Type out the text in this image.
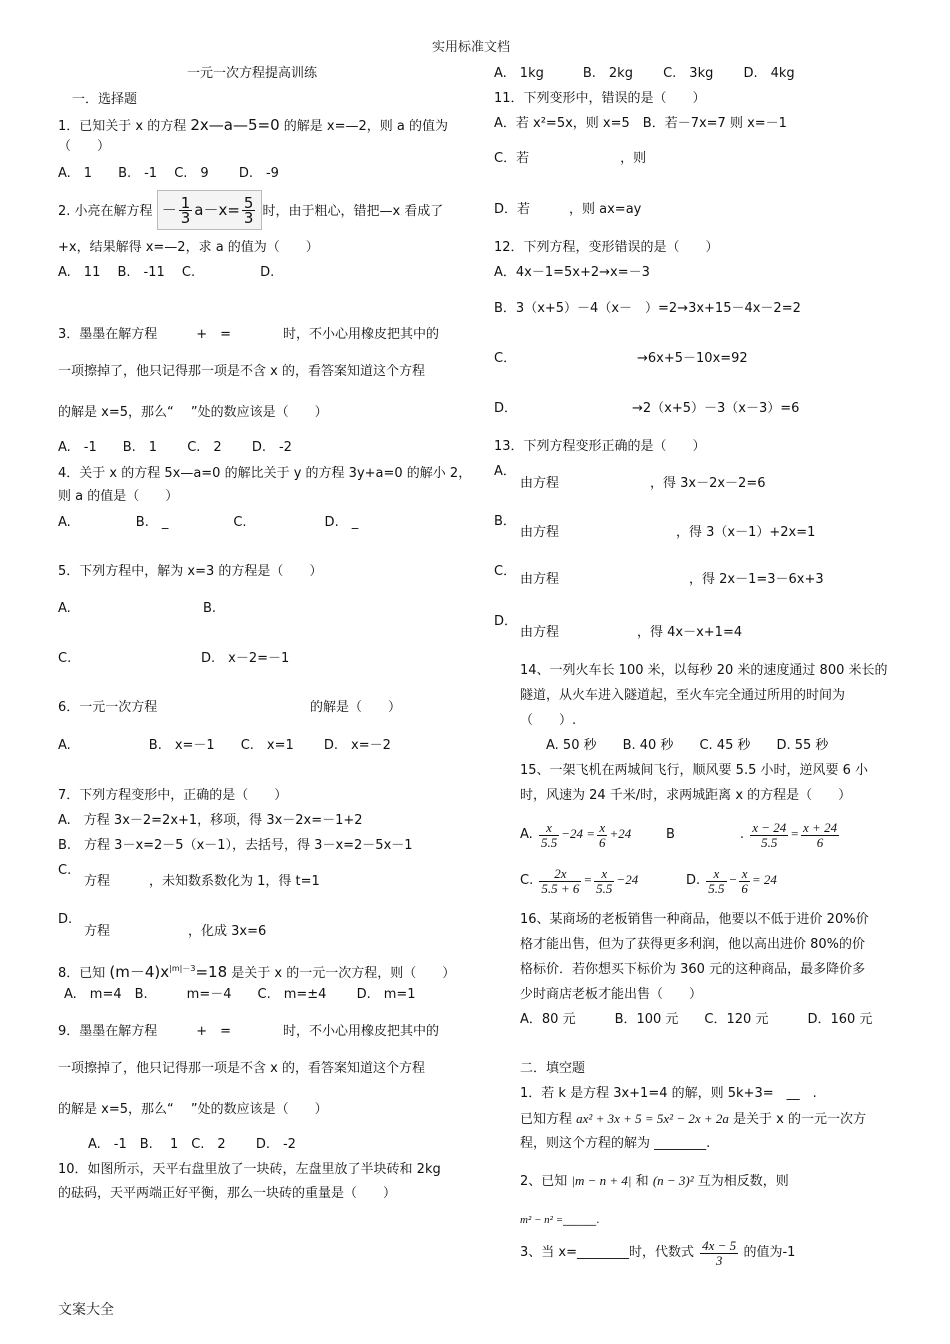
实用标准文档
一元一次方程提高训练
一．选择题
1．已知关于 x 的方程 2x—a—5=0 的解是 x=—2，则 a 的值为
（　　）
A.　1　　B.　-1　 C.　9　　 D.　-9
2. 小亮在解方程 － $\frac{1}{3} a-x= \frac{5}{3}$ 时，由于粗心，错把—x 看成了
+x，结果解得 x=—2，求 a 的值为（　　）
A.　11　 B.　-11　 C.　　　　　D.
3．墨墨在解方程　　　+　=　　　　时，不小心用橡皮把其中的
一项擦掉了，他只记得那一项是不含 x 的，看答案知道这个方程
的解是 x=5，那么“　 ”处的数应该是（　　）
A.　-1　　B.　1　　 C.　2　　 D.　-2
4．关于 x 的方程 5x—a=0 的解比关于 y 的方程 3y+a=0 的解小 2，
则 a 的值是（　　）
A.　　　　　B.　_　　　　　C.　　　　　　D.　_
5．下列方程中，解为 x=3 的方程是（　　）
A.	B.
C.	D.　x－2=－1
6．一元一次方程	的解是（　　）
A.　　　　　　B.　x=－1　　C.　x=1　　 D.　x=－2
7．下列方程变形中，正确的是（　　）
A.　方程 3x－2=2x+1，移项，得 3x－2x=－1+2
B.　方程 3－x=2－5（x－1），去括号，得 3－x=2－5x－1
C.
方程　　　，未知数系数化为 1，得 t=1
D.
方程　　　　　　，化成 3x=6
8．已知 $(m-4)x^{|m|-3}=18$ 是关于 x 的一元一次方程，则（　　）
A.　m=4　B.　　　m=－4　　C.　m=±4　　 D.　m=1
9．墨墨在解方程　　　+　=　　　　时，不小心用橡皮把其中的
一项擦掉了，他只记得那一项是不含 x 的，看答案知道这个方程
的解是 x=5，那么“　 ”处的数应该是（　　）
A.　-1　B.　 1　C.　2　　 D.　-2
10．如图所示，天平右盘里放了一块砖，左盘里放了半块砖和 2kg
的砝码，天平两端正好平衡，那么一块砖的重量是（　　）
文案大全
A.　1kg　　　B.　2kg　　 C.　3kg　　 D.　4kg
11．下列变形中，错误的是（　　）
A．若 x²=5x，则 x=5　B．若－7x=7 则 x=－1
C．若　　　　　　　，则
D．若　　　，则 ax=ay
12．下列方程，变形错误的是（　　）
A．4x－1=5x+2→x=－3
B．3（x+5）－4（x－　）=2→3x+15－4x－2=2
C．	→6x+5－10x=92
D．	→2（x+5）－3（x－3）=6
13．下列方程变形正确的是（　　）
A．
由方程　　　　　　　，得 3x－2x－2=6
B．
由方程　　　　　　　　　，得 3（x－1）+2x=1
C．
由方程　　　　　　　　　　，得 2x－1=3－6x+3
D．
由方程　　　　　　，得 4x－x+1=4
14、一列火车长 100 米，以每秒 20 米的速度通过 800 米长的
隧道，从火车进入隧道起，至火车完全通过所用的时间为
（　　）.
A. 50 秒　　B. 40 秒　　C. 45 秒　　D. 55 秒
15、一架飞机在两城间飞行，顺风要 5.5 小时，逆风要 6 小
时，风速为 24 千米/时，求两城距离 x 的方程是（　　）
A. $\frac{x}{5.5} -24 = \frac{x}{6} +24$	B　　　　　. $\frac{x - 24}{5.5} = \frac{x + 24}{6}$
C. $\frac{2x}{5.5 + 6} = \frac{x}{5.5} -24$	D. $\frac{x}{5.5} - \frac{x}{6} = 24$
16、某商场的老板销售一种商品，他要以不低于进价 20%价
格才能出售，但为了获得更多利润，他以高出进价 80%的价
格标价．若你想买下标价为 360 元的这种商品，最多降价多
少时商店老板才能出售（　　）
A．80 元　　　B．100 元　　C．120 元　　　D．160 元
二．填空题
1．若 k 是方程 3x+1=4 的解，则 5k+3=　__　.
已知方程 ax² + 3x + 5 = 5x² − 2x + 2a 是关于 x 的一元一次方
程，则这个方程的解为 ________.
2、已知 |m − n + 4| 和 (n − 3)² 互为相反数，则
m² − n² =______.
3、当 x=________时，代数式 $\frac{4x - 5}{3}$ 的值为-1
